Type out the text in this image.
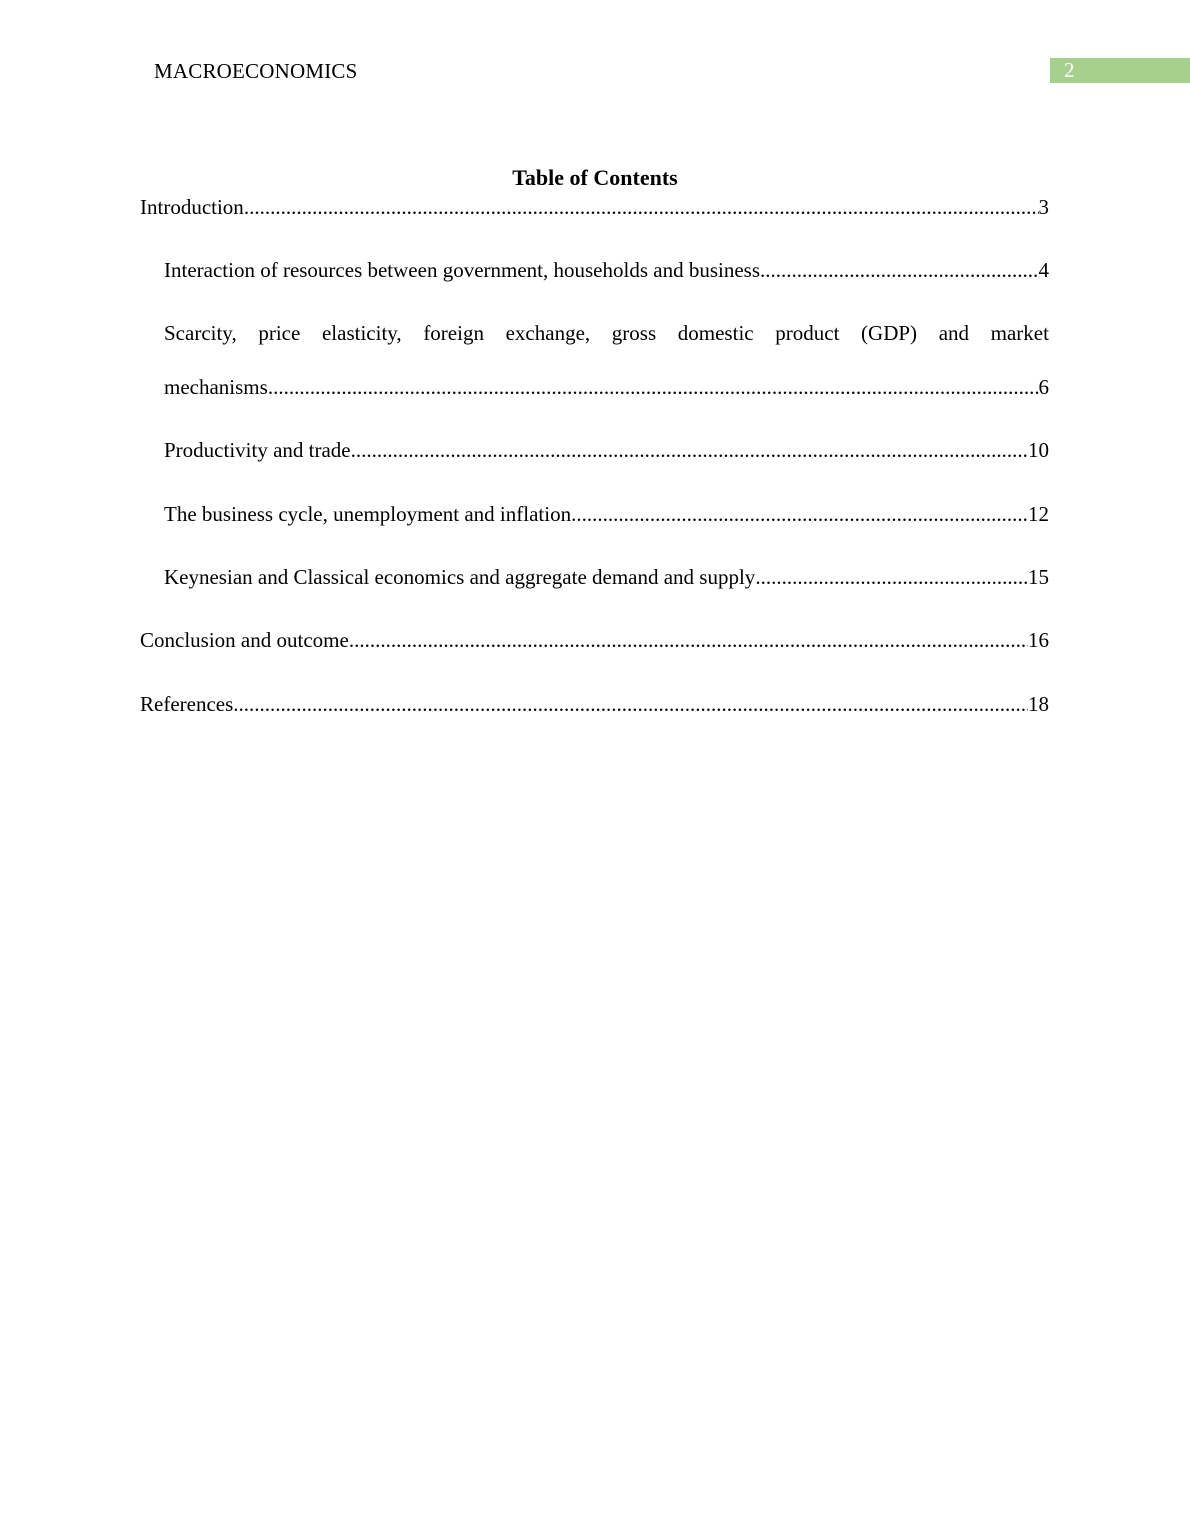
MACROECONOMICS	2
Table of Contents
Introduction .....	3
Interaction of resources between government, households and business .....	4
Scarcity, price elasticity, foreign exchange, gross domestic product (GDP) and market
mechanisms .....	6
Productivity and trade .....	10
The business cycle, unemployment and inflation .....	12
Keynesian and Classical economics and aggregate demand and supply .....	15
Conclusion and outcome .....	16
References .....	18
